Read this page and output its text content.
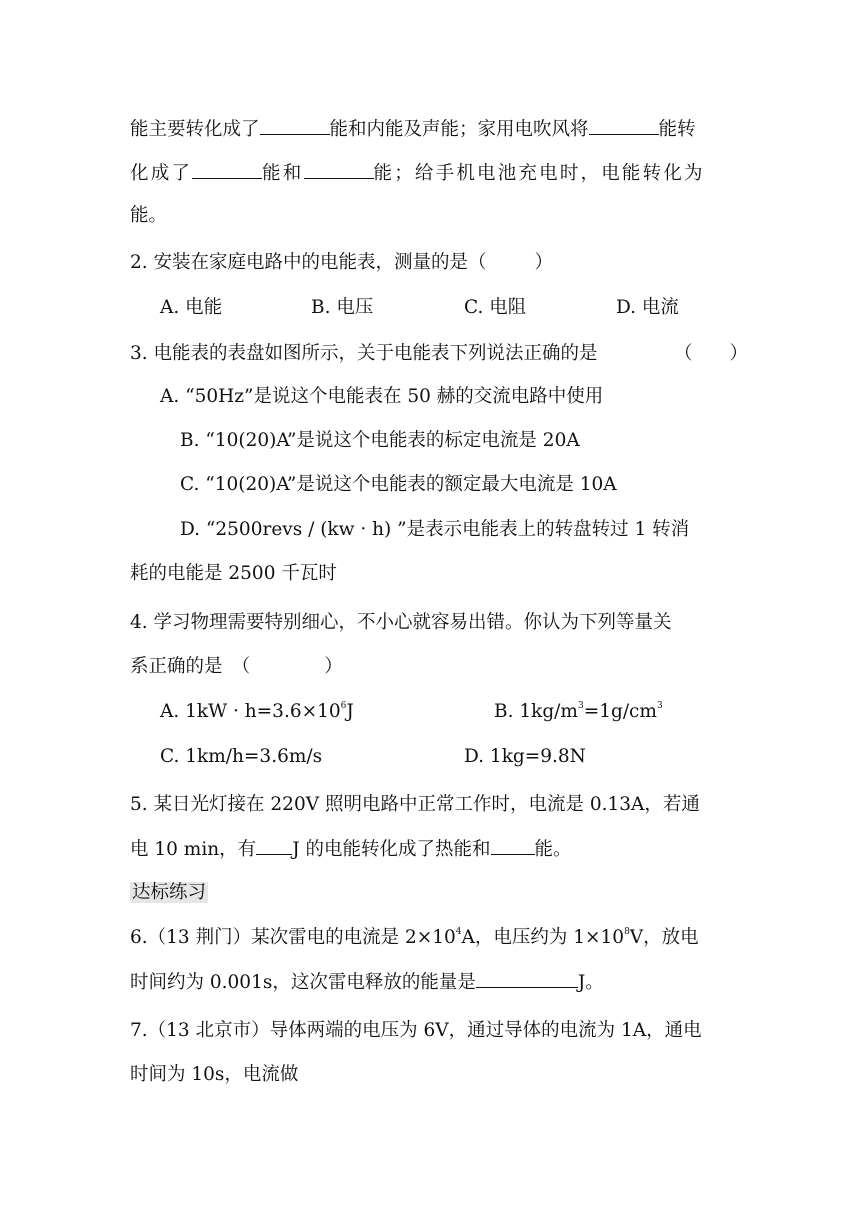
能主要转化成了	能和内能及声能；家用电吹风将	能转
化成了	能和	能；给手机电池充电时，电能转化为
能。
2. 安装在家庭电路中的电能表，测量的是（	）
A. 电能	B. 电压	C. 电阻	D. 电流
3. 电能表的表盘如图所示，关于电能表下列说法正确的是	（　　）
A. “50Hz”是说这个电能表在 50 赫的交流电路中使用
B. “10(20)A”是说这个电能表的标定电流是 20A
C. “10(20)A”是说这个电能表的额定最大电流是 10A
D. “2500revs / (kw · h) ”是表示电能表上的转盘转过 1 转消
耗的电能是 2500 千瓦时
4. 学习物理需要特别细心，不小心就容易出错。你认为下列等量关
系正确的是　（　　　　）
A. $1kW \cdot h=3.6\times 10^6J$	B. $1kg/m^3=1g/cm^3$
C. 1km/h=3.6m/s	D. 1kg=9.8N
5. 某日光灯接在 220V 照明电路中正常工作时，电流是 0.13A，若通
电 10 min，有 J 的电能转化成了热能和 能。
达标练习
6.（13 荆门）某次雷电的电流是 $2\times 10^4A$，电压约为 $1\times 10^8V$，放电
时间约为 0.001s，这次雷电释放的能量是	J。
7.（13 北京市）导体两端的电压为 6V，通过导体的电流为 1A，通电
时间为 10s，电流做
